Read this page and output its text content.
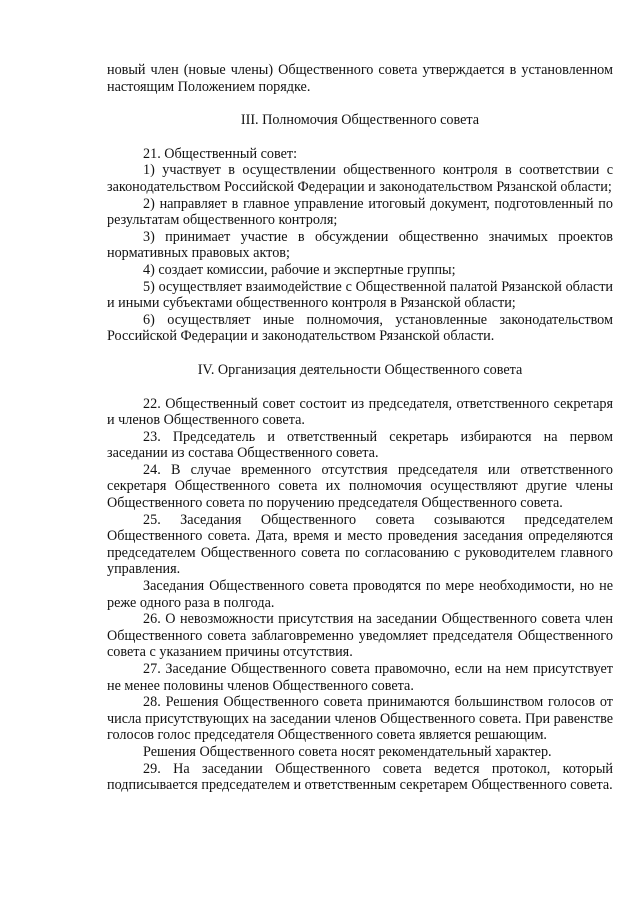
новый член (новые члены) Общественного совета утверждается в установленном настоящим Положением порядке.

III. Полномочия Общественного совета

21. Общественный совет:

1) участвует в осуществлении общественного контроля в соответствии с законодательством Российской Федерации и законодательством Рязанской области;

2) направляет в главное управление итоговый документ, подготовленный по результатам общественного контроля;

3) принимает участие в обсуждении общественно значимых проектов нормативных правовых актов;

4) создает комиссии, рабочие и экспертные группы;

5) осуществляет взаимодействие с Общественной палатой Рязанской области и иными субъектами общественного контроля в Рязанской области;

6) осуществляет иные полномочия, установленные законодательством Российской Федерации и законодательством Рязанской области.

IV. Организация деятельности Общественного совета

22. Общественный совет состоит из председателя, ответственного секретаря и членов Общественного совета.

23. Председатель и ответственный секретарь избираются на первом заседании из состава Общественного совета.

24. В случае временного отсутствия председателя или ответственного секретаря Общественного совета их полномочия осуществляют другие члены Общественного совета по поручению председателя Общественного совета.

25. Заседания Общественного совета созываются председателем Общественного совета. Дата, время и место проведения заседания определяются председателем Общественного совета по согласованию с руководителем главного управления.

Заседания Общественного совета проводятся по мере необходимости, но не реже одного раза в полгода.

26. О невозможности присутствия на заседании Общественного совета член Общественного совета заблаговременно уведомляет председателя Общественного совета с указанием причины отсутствия.

27. Заседание Общественного совета правомочно, если на нем присутствует не менее половины членов Общественного совета.

28. Решения Общественного совета принимаются большинством голосов от числа присутствующих на заседании членов Общественного совета. При равенстве голосов голос председателя Общественного совета является решающим.

Решения Общественного совета носят рекомендательный характер.

29. На заседании Общественного совета ведется протокол, который подписывается председателем и ответственным секретарем Общественного совета.
